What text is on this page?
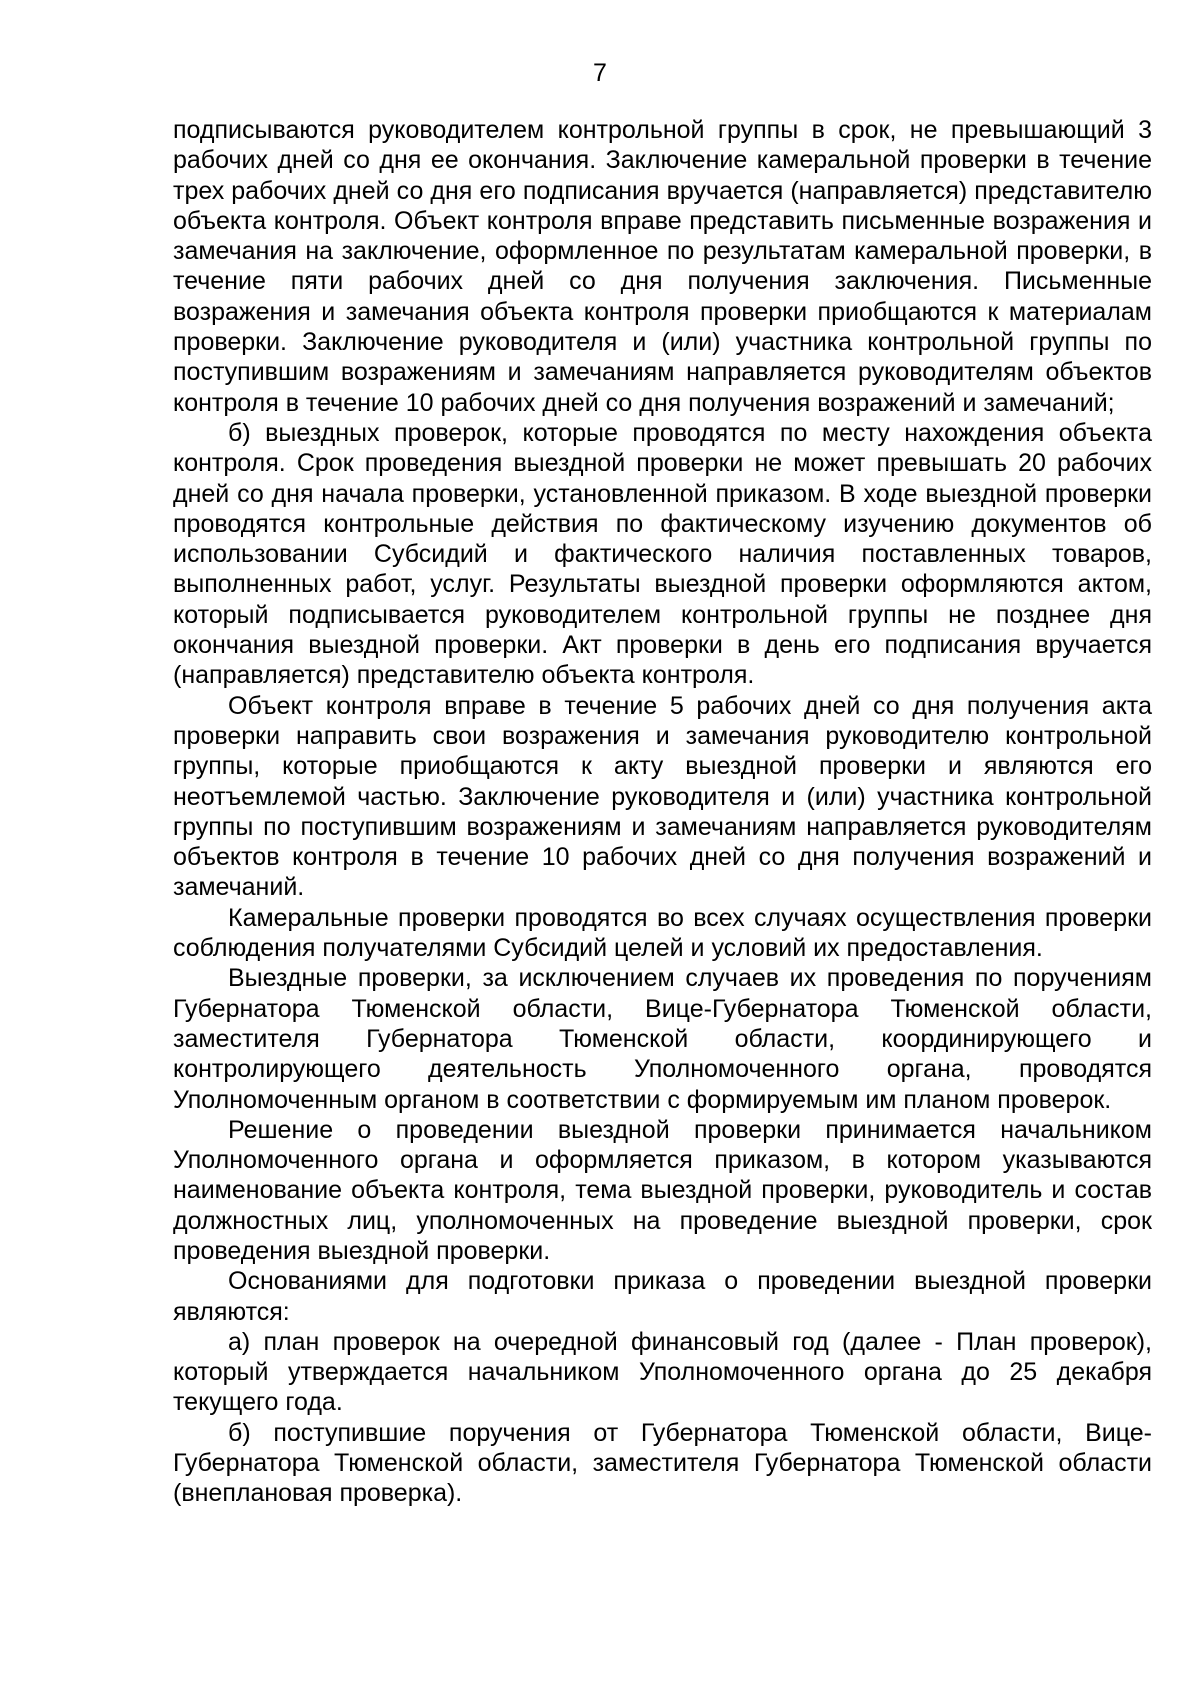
7

подписываются руководителем контрольной группы в срок, не превышающий 3 рабочих дней со дня ее окончания. Заключение камеральной проверки в течение трех рабочих дней со дня его подписания вручается (направляется) представителю объекта контроля. Объект контроля вправе представить письменные возражения и замечания на заключение, оформленное по результатам камеральной проверки, в течение пяти рабочих дней со дня получения заключения. Письменные возражения и замечания объекта контроля проверки приобщаются к материалам проверки. Заключение руководителя и (или) участника контрольной группы по поступившим возражениям и замечаниям направляется руководителям объектов контроля в течение 10 рабочих дней со дня получения возражений и замечаний;

б) выездных проверок, которые проводятся по месту нахождения объекта контроля. Срок проведения выездной проверки не может превышать 20 рабочих дней со дня начала проверки, установленной приказом. В ходе выездной проверки проводятся контрольные действия по фактическому изучению документов об использовании Субсидий и фактического наличия поставленных товаров, выполненных работ, услуг. Результаты выездной проверки оформляются актом, который подписывается руководителем контрольной группы не позднее дня окончания выездной проверки. Акт проверки в день его подписания вручается (направляется) представителю объекта контроля.

Объект контроля вправе в течение 5 рабочих дней со дня получения акта проверки направить свои возражения и замечания руководителю контрольной группы, которые приобщаются к акту выездной проверки и являются его неотъемлемой частью. Заключение руководителя и (или) участника контрольной группы по поступившим возражениям и замечаниям направляется руководителям объектов контроля в течение 10 рабочих дней со дня получения возражений и замечаний.

Камеральные проверки проводятся во всех случаях осуществления проверки соблюдения получателями Субсидий целей и условий их предоставления.

Выездные проверки, за исключением случаев их проведения по поручениям Губернатора Тюменской области, Вице-Губернатора Тюменской области, заместителя Губернатора Тюменской области, координирующего и контролирующего деятельность Уполномоченного органа, проводятся Уполномоченным органом в соответствии с формируемым им планом проверок.

Решение о проведении выездной проверки принимается начальником Уполномоченного органа и оформляется приказом, в котором указываются наименование объекта контроля, тема выездной проверки, руководитель и состав должностных лиц, уполномоченных на проведение выездной проверки, срок проведения выездной проверки.

Основаниями для подготовки приказа о проведении выездной проверки являются:

а) план проверок на очередной финансовый год (далее - План проверок), который утверждается начальником Уполномоченного органа до 25 декабря текущего года.

б) поступившие поручения от Губернатора Тюменской области, Вице-Губернатора Тюменской области, заместителя Губернатора Тюменской области (внеплановая проверка).
